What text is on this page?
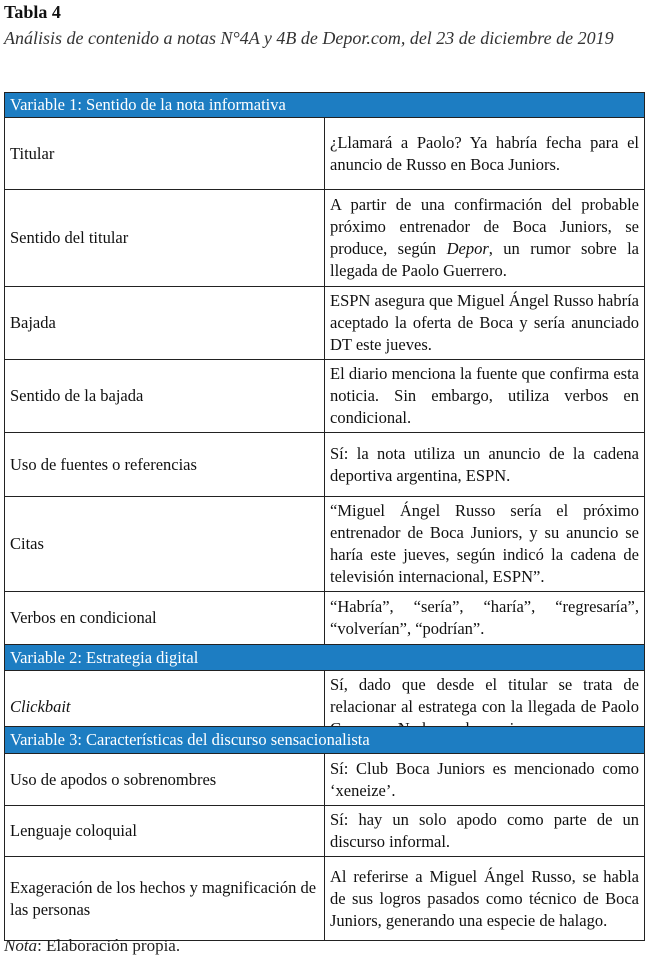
Tabla 4
Análisis de contenido a notas N°4A y 4B de Depor.com, del 23 de diciembre de 2019
Variable 1: Sentido de la nota informativa	
Titular	¿Llamará a Paolo? Ya habría fecha para el anuncio de Russo en Boca Juniors.
Sentido del titular	A partir de una confirmación del probable próximo entrenador de Boca Juniors, se produce, según Depor, un rumor sobre la llegada de Paolo Guerrero.
Bajada	ESPN asegura que Miguel Ángel Russo habría aceptado la oferta de Boca y sería anunciado DT este jueves.
Sentido de la bajada	El diario menciona la fuente que confirma esta noticia. Sin embargo, utiliza verbos en condicional.
Uso de fuentes o referencias	Sí: la nota utiliza un anuncio de la cadena deportiva argentina, ESPN.
Citas	“Miguel Ángel Russo sería el próximo entrenador de Boca Juniors, y su anuncio se haría este jueves, según indicó la cadena de televisión internacional, ESPN”.
Verbos en condicional	“Habría”, “sería”, “haría”, “regresaría”, “volverían”, “podrían”.
Variable 2: Estrategia digital	
Clickbait	Sí, dado que desde el titular se trata de relacionar al estratega con la llegada de Paolo
Variable 3: Características del discurso sensacionalista	
Uso de apodos o sobrenombres	Sí: Club Boca Juniors es mencionado como ‘xeneize’.
Lenguaje coloquial	Sí: hay un solo apodo como parte de un discurso informal.
Exageración de los hechos y magnificación de las personas	Al referirse a Miguel Ángel Russo, se habla de sus logros pasados como técnico de Boca Juniors, generando una especie de halago.
Nota: Elaboración propia.
